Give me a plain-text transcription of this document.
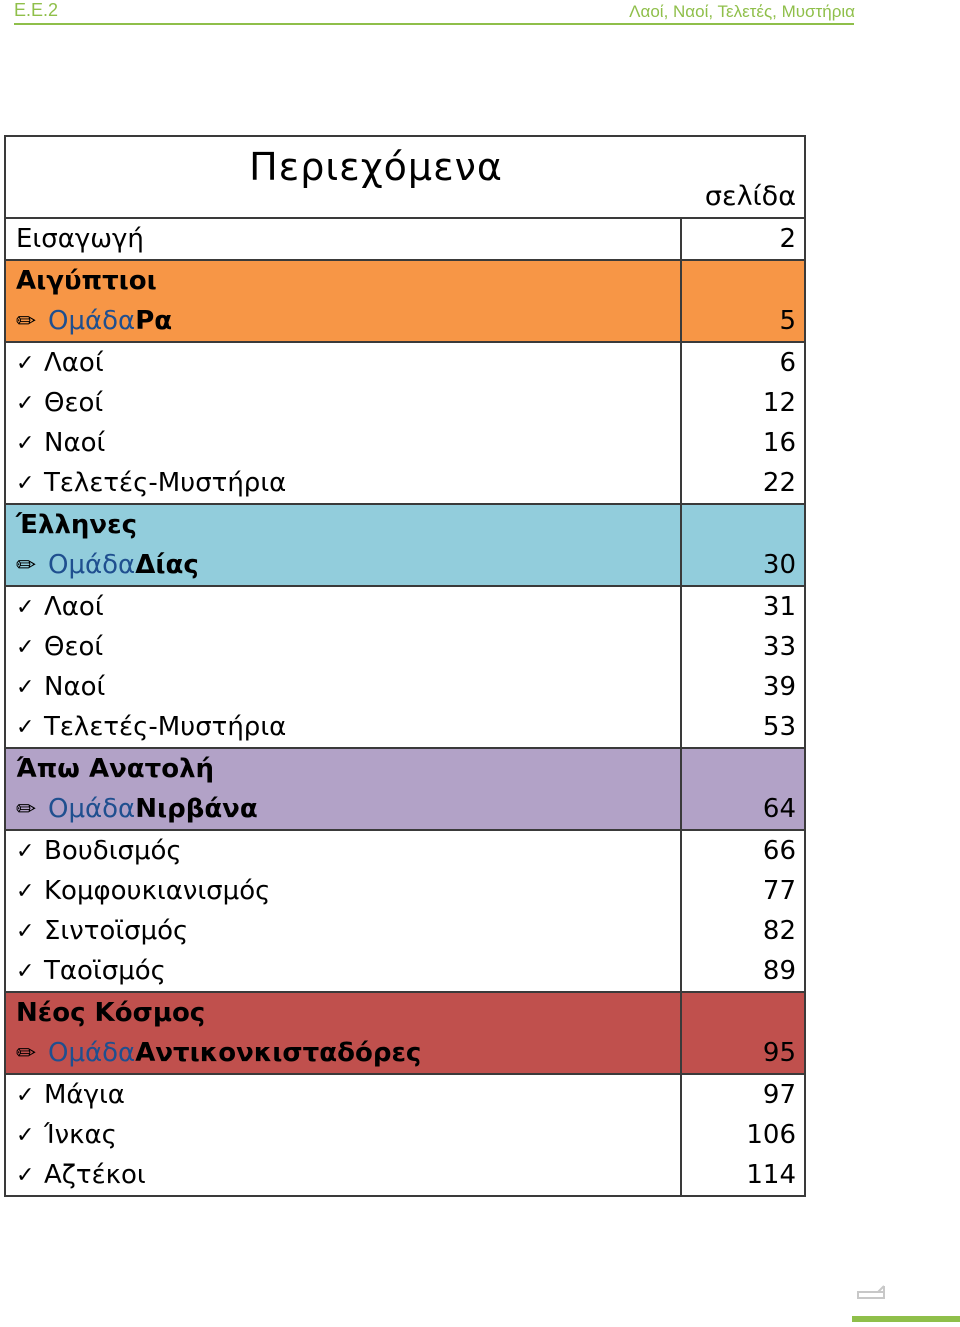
Ε.Ε.2	Λαοί, Ναοί, Τελετές, Μυστήρια
Περιεχόμενα
σελίδα
Εισαγωγή	2
Αιγύπτιοι
✏ Ομάδα Ρα	5
✓ Λαοί	6
✓ Θεοί	12
✓ Ναοί	16
✓ Τελετές-Μυστήρια	22
Έλληνες
✏ Ομάδα Δίας	30
✓ Λαοί	31
✓ Θεοί	33
✓ Ναοί	39
✓ Τελετές-Μυστήρια	53
Άπω Ανατολή
✏ Ομάδα Νιρβάνα	64
✓ Βουδισμός	66
✓ Κομφουκιανισμός	77
✓ Σιντοϊσμός	82
✓ Ταοϊσμός	89
Νέος Κόσμος
✏ Ομάδα Αντικονκισταδόρες	95
✓ Μάγια	97
✓ Ίνκας	106
✓ Αζτέκοι	114
